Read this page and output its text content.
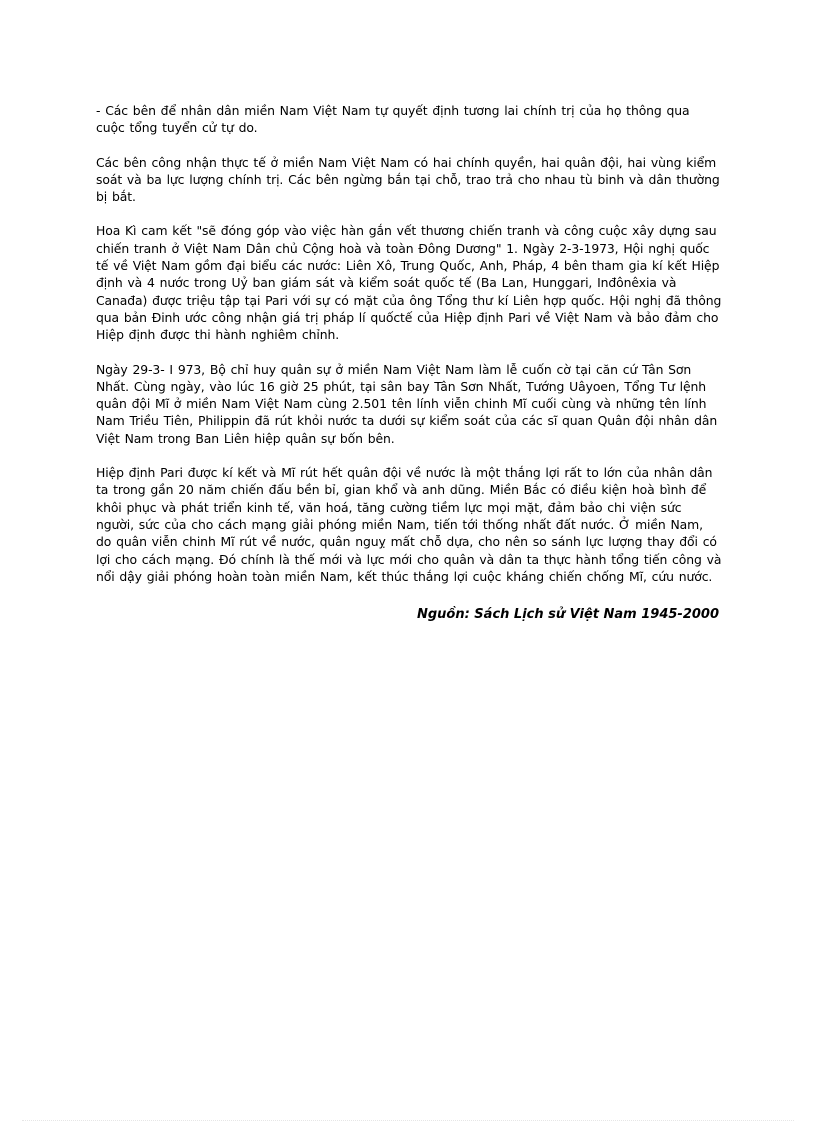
- Các bên để nhân dân miền Nam Việt Nam tự quyết định tương lai chính trị của họ thông qua cuộc tổng tuyển cử tự do.

Các bên công nhận thực tế ở miền Nam Việt Nam có hai chính quyền, hai quân đội, hai vùng kiểm soát và ba lực lượng chính trị. Các bên ngừng bắn tại chỗ, trao trả cho nhau tù binh và dân thường bị bắt.

Hoa Kì cam kết "sẽ đóng góp vào việc hàn gắn vết thương chiến tranh và công cuộc xây dựng sau chiến tranh ở Việt Nam Dân chủ Cộng hoà và toàn Đông Dương" 1. Ngày 2-3-1973, Hội nghị quốc tế về Việt Nam gồm đại biểu các nước: Liên Xô, Trung Quốc, Anh, Pháp, 4 bên tham gia kí kết Hiệp định và 4 nước trong Uỷ ban giám sát và kiểm soát quốc tế (Ba Lan, Hunggari, Inđônêxia và Canađa) được triệu tập tại Pari với sự có mặt của ông Tổng thư kí Liên hợp quốc. Hội nghị đã thông qua bản Đinh ước công nhận giá trị pháp lí quốctế của Hiệp định Pari về Việt Nam và bảo đảm cho Hiệp định được thi hành nghiêm chỉnh.

Ngày 29-3- I 973, Bộ chỉ huy quân sự ở miền Nam Việt Nam làm lễ cuốn cờ tại căn cứ Tân Sơn Nhất. Cùng ngày, vào lúc 16 giờ 25 phút, tại sân bay Tân Sơn Nhất, Tướng Uâyoen, Tổng Tư lệnh quân đội Mĩ ở miền Nam Việt Nam cùng 2.501 tên lính viễn chinh Mĩ cuối cùng và những tên lính Nam Triều Tiên, Philippin đã rút khỏi nước ta dưới sự kiểm soát của các sĩ quan Quân đội nhân dân Việt Nam trong Ban Liên hiệp quân sự bốn bên.

Hiệp định Pari được kí kết và Mĩ rút hết quân đội về nước là một thắng lợi rất to lớn của nhân dân ta trong gần 20 năm chiến đấu bền bỉ, gian khổ và anh dũng. Miền Bắc có điều kiện hoà bình để khôi phục và phát triển kinh tế, văn hoá, tăng cường tiềm lực mọi mặt, đảm bảo chi viện sức người, sức của cho cách mạng giải phóng miền Nam, tiến tới thống nhất đất nước. Ở miền Nam, do quân viễn chinh Mĩ rút về nước, quân nguỵ mất chỗ dựa, cho nên so sánh lực lượng thay đổi có lợi cho cách mạng. Đó chính là thế mới và lực mới cho quân và dân ta thực hành tổng tiến công và nổi dậy giải phóng hoàn toàn miền Nam, kết thúc thắng lợi cuộc kháng chiến chống Mĩ, cứu nước.

Nguồn: Sách Lịch sử Việt Nam 1945-2000
